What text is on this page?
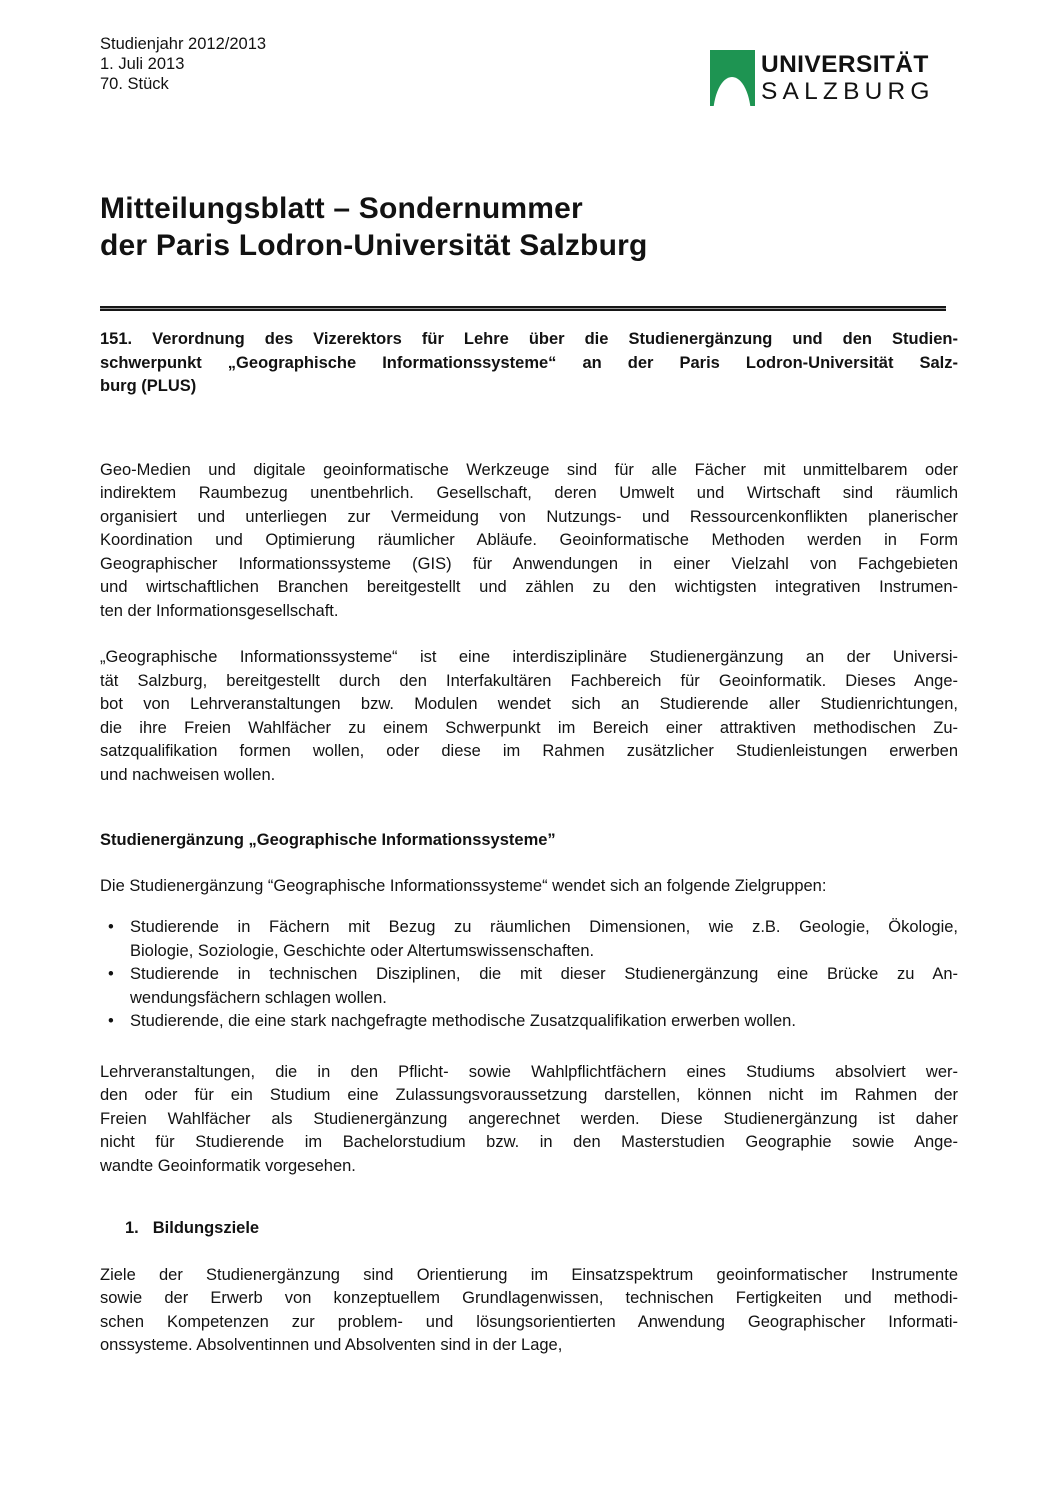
Studienjahr 2012/2013
1. Juli 2013
70. Stück
UNIVERSITÄT
SALZBURG
Mitteilungsblatt – Sondernummer
der Paris Lodron-Universität Salzburg
151. Verordnung des Vizerektors für Lehre über die Studienergänzung und den Studien-
schwerpunkt „Geographische Informationssysteme“ an der Paris Lodron-Universität Salz-
burg (PLUS)
Geo-Medien und digitale geoinformatische Werkzeuge sind für alle Fächer mit unmittelbarem oder
indirektem Raumbezug unentbehrlich. Gesellschaft, deren Umwelt und Wirtschaft sind räumlich
organisiert und unterliegen zur Vermeidung von Nutzungs- und Ressourcenkonflikten planerischer
Koordination und Optimierung räumlicher Abläufe. Geoinformatische Methoden werden in Form
Geographischer Informationssysteme (GIS) für Anwendungen in einer Vielzahl von Fachgebieten
und wirtschaftlichen Branchen bereitgestellt und zählen zu den wichtigsten integrativen Instrumen-
ten der Informationsgesellschaft.
„Geographische Informationssysteme“ ist eine interdisziplinäre Studienergänzung an der Universi-
tät Salzburg, bereitgestellt durch den Interfakultären Fachbereich für Geoinformatik. Dieses Ange-
bot von Lehrveranstaltungen bzw. Modulen wendet sich an Studierende aller Studienrichtungen,
die ihre Freien Wahlfächer zu einem Schwerpunkt im Bereich einer attraktiven methodischen Zu-
satzqualifikation formen wollen, oder diese im Rahmen zusätzlicher Studienleistungen erwerben
und nachweisen wollen.
Studienergänzung „Geographische Informationssysteme”
Die Studienergänzung “Geographische Informationssysteme“ wendet sich an folgende Zielgruppen:
• Studierende in Fächern mit Bezug zu räumlichen Dimensionen, wie z.B. Geologie, Ökologie,
Biologie, Soziologie, Geschichte oder Altertumswissenschaften.
• Studierende in technischen Disziplinen, die mit dieser Studienergänzung eine Brücke zu An-
wendungsfächern schlagen wollen.
• Studierende, die eine stark nachgefragte methodische Zusatzqualifikation erwerben wollen.
Lehrveranstaltungen, die in den Pflicht- sowie Wahlpflichtfächern eines Studiums absolviert wer-
den oder für ein Studium eine Zulassungsvoraussetzung darstellen, können nicht im Rahmen der
Freien Wahlfächer als Studienergänzung angerechnet werden. Diese Studienergänzung ist daher
nicht für Studierende im Bachelorstudium bzw. in den Masterstudien Geographie sowie Ange-
wandte Geoinformatik vorgesehen.
1. Bildungsziele
Ziele der Studienergänzung sind Orientierung im Einsatzspektrum geoinformatischer Instrumente
sowie der Erwerb von konzeptuellem Grundlagenwissen, technischen Fertigkeiten und methodi-
schen Kompetenzen zur problem- und lösungsorientierten Anwendung Geographischer Informati-
onssysteme. Absolventinnen und Absolventen sind in der Lage,
